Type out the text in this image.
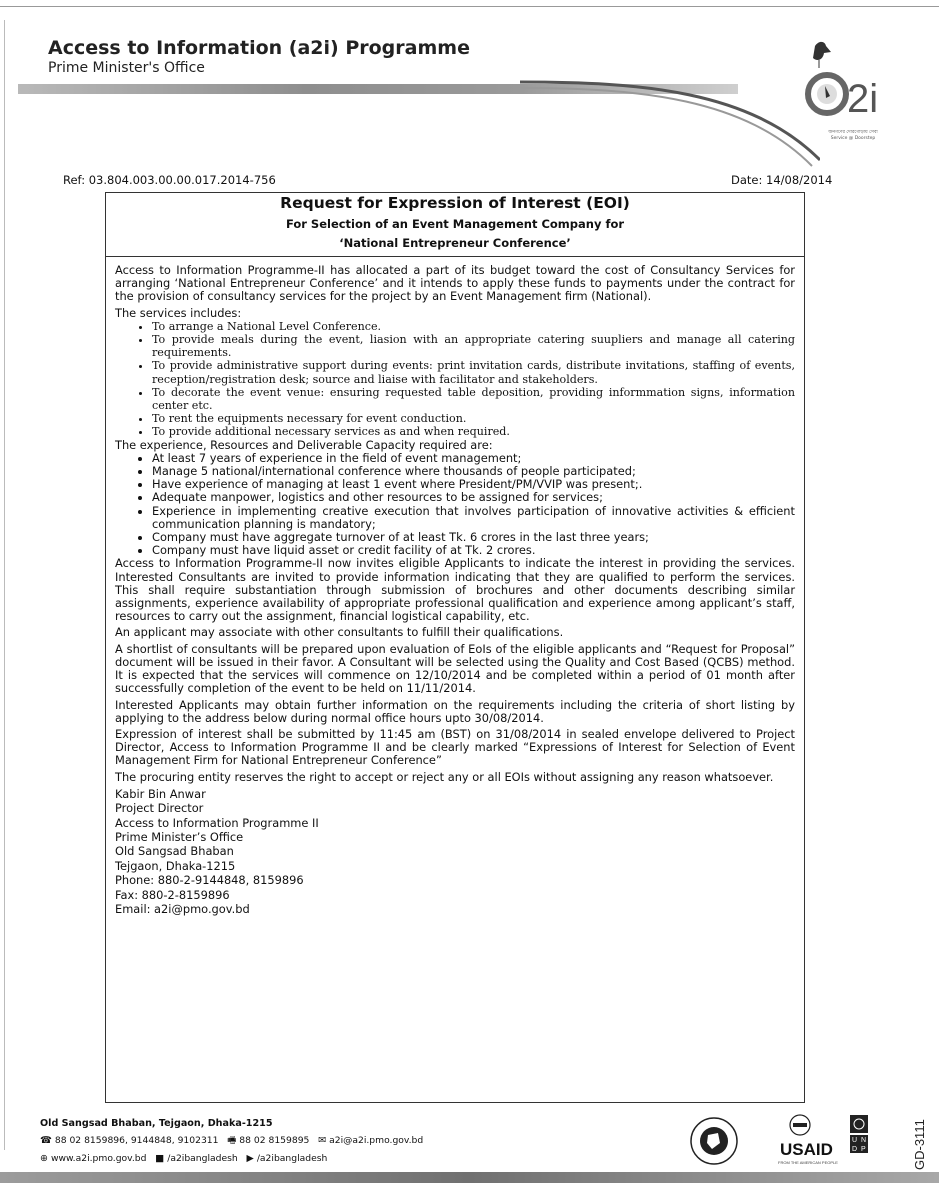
Access to Information (a2i) Programme
Prime Minister's Office
2i
জনগণের দোরগোড়ায় সেবা
Service @ Doorstep
Ref: 03.804.003.00.00.017.2014-756	Date: 14/08/2014
Request for Expression of Interest (EOI)
For Selection of an Event Management Company for
‘National Entrepreneur Conference’

Access to Information Programme-II has allocated a part of its budget toward the cost of Consultancy Services for arranging ‘National Entrepreneur Conference’ and it intends to apply these funds to payments under the contract for the provision of consultancy services for the project by an Event Management firm (National).

The services includes:
• To arrange a National Level Conference.
• To provide meals during the event, liasion with an appropriate catering suupliers and manage all catering requirements.
• To provide administrative support during events: print invitation cards, distribute invitations, staffing of events, reception/registration desk; source and liaise with facilitator and stakeholders.
• To decorate the event venue: ensuring requested table deposition, providing informmation signs, information center etc.
• To rent the equipments necessary for event conduction.
• To provide additional necessary services as and when required.
The experience, Resources and Deliverable Capacity required are:
• At least 7 years of experience in the field of event management;
• Manage 5 national/international conference where thousands of people participated;
• Have experience of managing at least 1 event where President/PM/VVIP was present;.
• Adequate manpower, logistics and other resources to be assigned for services;
• Experience in implementing creative execution that involves participation of innovative activities & efficient communication planning is mandatory;
• Company must have aggregate turnover of at least Tk. 6 crores in the last three years;
• Company must have liquid asset or credit facility of at Tk. 2 crores.

Access to Information Programme-II now invites eligible Applicants to indicate the interest in providing the services. Interested Consultants are invited to provide information indicating that they are qualified to perform the services. This shall require substantiation through submission of brochures and other documents describing similar assignments, experience availability of appropriate professional qualification and experience among applicant’s staff, resources to carry out the assignment, financial logistical capability, etc.

An applicant may associate with other consultants to fulfill their qualifications.

A shortlist of consultants will be prepared upon evaluation of EoIs of the eligible applicants and “Request for Proposal” document will be issued in their favor. A Consultant will be selected using the Quality and Cost Based (QCBS) method. It is expected that the services will commence on 12/10/2014 and be completed within a period of 01 month after successfully completion of the event to be held on 11/11/2014.

Interested Applicants may obtain further information on the requirements including the criteria of short listing by applying to the address below during normal office hours upto 30/08/2014.

Expression of interest shall be submitted by 11:45 am (BST) on 31/08/2014 in sealed envelope delivered to Project Director, Access to Information Programme II and be clearly marked “Expressions of Interest for Selection of Event Management Firm for National Entrepreneur Conference”

The procuring entity reserves the right to accept or reject any or all EOIs without assigning any reason whatsoever.

Kabir Bin Anwar
Project Director
Access to Information Programme II
Prime Minister’s Office
Old Sangsad Bhaban
Tejgaon, Dhaka-1215
Phone: 880-2-9144848, 8159896
Fax: 880-2-8159896
Email: a2i@pmo.gov.bd
Old Sangsad Bhaban, Tejgaon, Dhaka-1215
☎ 88 02 8159896, 9144848, 9102311 🖷 88 02 8159895 ✉ a2i@a2i.pmo.gov.bd
⊕ www.a2i.pmo.gov.bd ■ /a2ibangladesh ▶ /a2ibangladesh	USAID
FROM THE AMERICAN PEOPLE
U N
D P	GD-3111
